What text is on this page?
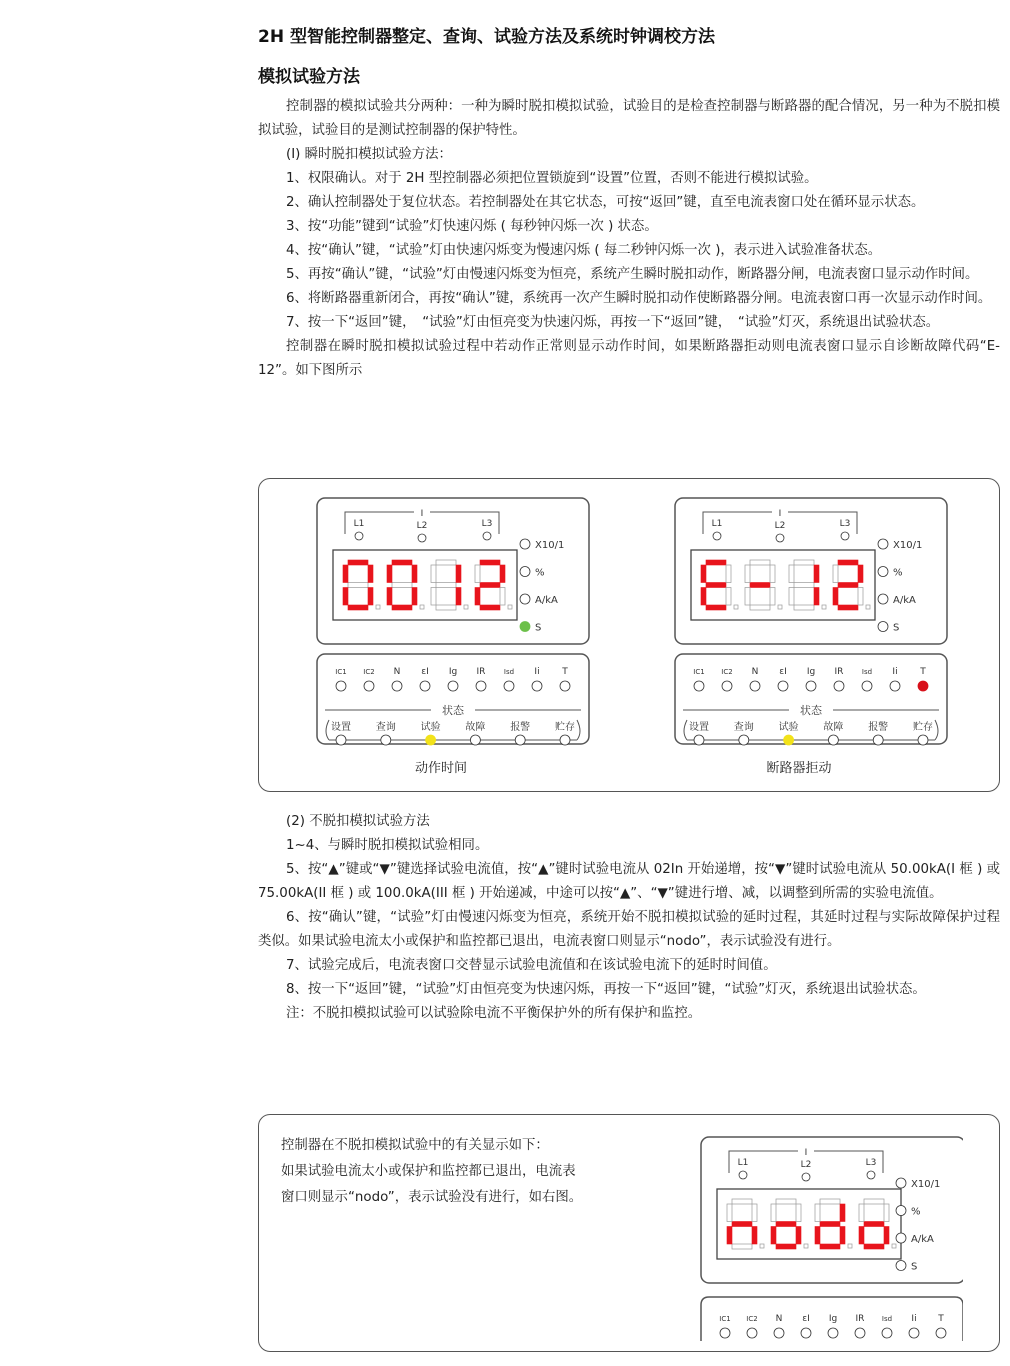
2H 型智能控制器整定、查询、试验方法及系统时钟调校方法
模拟试验方法

控制器的模拟试验共分两种：一种为瞬时脱扣模拟试验，试验目的是检查控制器与断路器的配合情况，另一种为不脱扣模拟试验，试验目的是测试控制器的保护特性。

(I) 瞬时脱扣模拟试验方法：

1、权限确认。对于 2H 型控制器必须把位置锁旋到“设置”位置，否则不能进行模拟试验。

2、确认控制器处于复位状态。若控制器处在其它状态，可按“返回”键，直至电流表窗口处在循环显示状态。

3、按“功能”键到“试验”灯快速闪烁 ( 每秒钟闪烁一次 ) 状态。

4、按“确认”键，“试验”灯由快速闪烁变为慢速闪烁 ( 每二秒钟闪烁一次 )，表示进入试验准备状态。

5、再按“确认”键，“试验”灯由慢速闪烁变为恒亮，系统产生瞬时脱扣动作，断路器分闸，电流表窗口显示动作时间。

6、将断路器重新闭合，再按“确认”键，系统再一次产生瞬时脱扣动作使断路器分闸。电流表窗口再一次显示动作时间。

7、按一下“返回”键，　“试验”灯由恒亮变为快速闪烁，再按一下“返回”键，　“试验”灯灭，系统退出试验状态。

控制器在瞬时脱扣模拟试验过程中若动作正常则显示动作时间，如果断路器拒动则电流表窗口显示自诊断故障代码“E-12”。如下图所示

I
L1	L2	L3
X10/1
%
A/kA
S
IC1 IC2 N εI Ig IR	Isd Ii	T
状态
设置 查询 试验 故障 报警 贮存
动作时间
I
L1	L2	L3
X10/1
%
A/kA
S
IC1 IC2 N εI Ig IR	Isd Ii	T
状态
设置 查询 试验 故障 报警 贮存
断路器拒动

(2) 不脱扣模拟试验方法

1~4、与瞬时脱扣模拟试验相同。

5、按“▲”键或“▼”键选择试验电流值，按“▲”键时试验电流从 02In 开始递增，按“▼”键时试验电流从 50.00kA(I 框 ) 或 75.00kA(II 框 ) 或 100.0kA(III 框 ) 开始递减，中途可以按“▲”、“▼”键进行增、减，以调整到所需的实验电流值。

6、按“确认”键，“试验”灯由慢速闪烁变为恒亮，系统开始不脱扣模拟试验的延时过程，其延时过程与实际故障保护过程类似。如果试验电流太小或保护和监控都已退出，电流表窗口则显示“nodo”，表示试验没有进行。

7、试验完成后，电流表窗口交替显示试验电流值和在该试验电流下的延时时间值。

8、按一下“返回”键，“试验”灯由恒亮变为快速闪烁，再按一下“返回”键，“试验”灯灭，系统退出试验状态。

注：不脱扣模拟试验可以试验除电流不平衡保护外的所有保护和监控。

控制器在不脱扣模拟试验中的有关显示如下：
如果试验电流太小或保护和监控都已退出，电流表
窗口则显示“nodo”，表示试验没有进行，如右图。
I
L1	L2	L3
X10/1
%
A/kA
S
IC1 IC2 N εI Ig IR Isd Ii T
